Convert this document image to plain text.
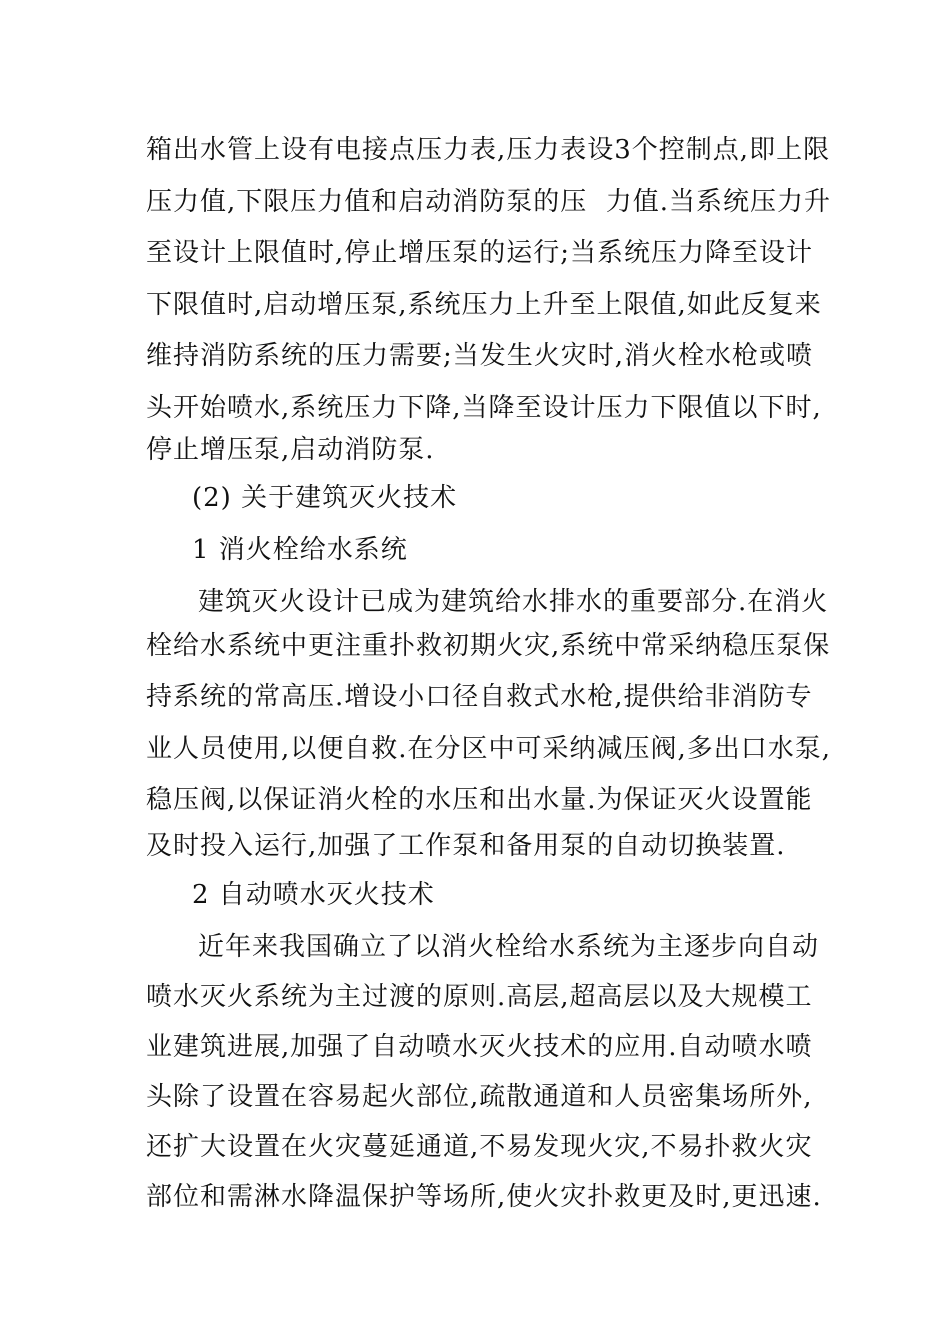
箱出水管上设有电接点压力表,压力表设3个控制点,即上限
压力值,下限压力值和启动消防泵的压  力值.当系统压力升
至设计上限值时,停止增压泵的运行;当系统压力降至设计
下限值时,启动增压泵,系统压力上升至上限值,如此反复来
维持消防系统的压力需要;当发生火灾时,消火栓水枪或喷
头开始喷水,系统压力下降,当降至设计压力下限值以下时,
停止增压泵,启动消防泵.
(2) 关于建筑灭火技术
1 消火栓给水系统
建筑灭火设计已成为建筑给水排水的重要部分.在消火
栓给水系统中更注重扑救初期火灾,系统中常采纳稳压泵保
持系统的常高压.增设小口径自救式水枪,提供给非消防专
业人员使用,以便自救.在分区中可采纳减压阀,多出口水泵,
稳压阀,以保证消火栓的水压和出水量.为保证灭火设置能
及时投入运行,加强了工作泵和备用泵的自动切换装置.
2 自动喷水灭火技术
近年来我国确立了以消火栓给水系统为主逐步向自动
喷水灭火系统为主过渡的原则.高层,超高层以及大规模工
业建筑进展,加强了自动喷水灭火技术的应用.自动喷水喷
头除了设置在容易起火部位,疏散通道和人员密集场所外,
还扩大设置在火灾蔓延通道,不易发现火灾,不易扑救火灾
部位和需淋水降温保护等场所,使火灾扑救更及时,更迅速.
